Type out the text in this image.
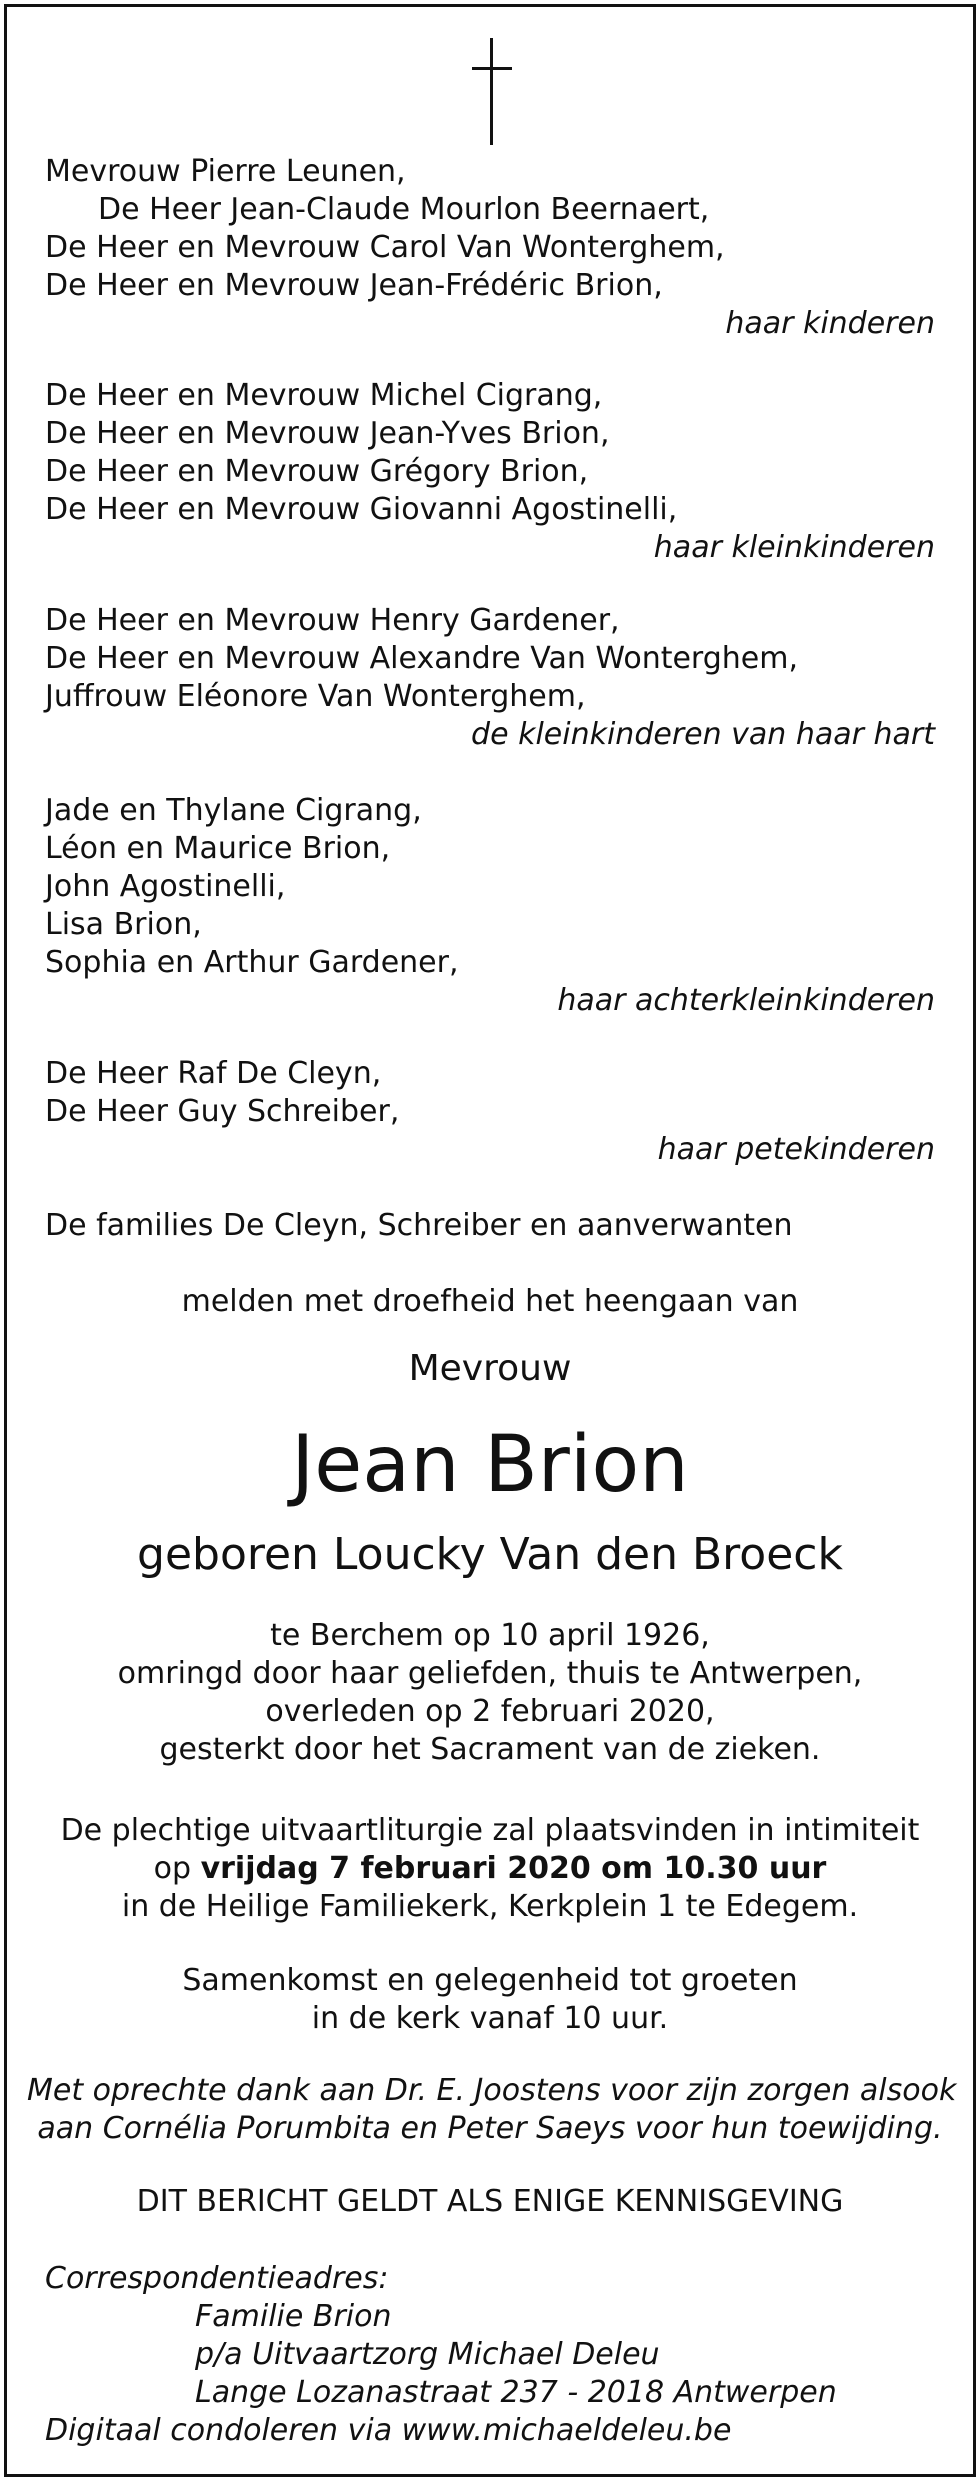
Mevrouw Pierre Leunen,
De Heer Jean-Claude Mourlon Beernaert,
De Heer en Mevrouw Carol Van Wonterghem,
De Heer en Mevrouw Jean-Frédéric Brion,
haar kinderen
De Heer en Mevrouw Michel Cigrang,
De Heer en Mevrouw Jean-Yves Brion,
De Heer en Mevrouw Grégory Brion,
De Heer en Mevrouw Giovanni Agostinelli,
haar kleinkinderen
De Heer en Mevrouw Henry Gardener,
De Heer en Mevrouw Alexandre Van Wonterghem,
Juffrouw Eléonore Van Wonterghem,
de kleinkinderen van haar hart
Jade en Thylane Cigrang,
Léon en Maurice Brion,
John Agostinelli,
Lisa Brion,
Sophia en Arthur Gardener,
haar achterkleinkinderen
De Heer Raf De Cleyn,
De Heer Guy Schreiber,
haar petekinderen
De families De Cleyn, Schreiber en aanverwanten
melden met droefheid het heengaan van
Mevrouw
Jean Brion
geboren Loucky Van den Broeck
te Berchem op 10 april 1926,
omringd door haar geliefden, thuis te Antwerpen,
overleden op 2 februari 2020,
gesterkt door het Sacrament van de zieken.
De plechtige uitvaartliturgie zal plaatsvinden in intimiteit
op vrijdag 7 februari 2020 om 10.30 uur
in de Heilige Familiekerk, Kerkplein 1 te Edegem.
Samenkomst en gelegenheid tot groeten
in de kerk vanaf 10 uur.
Met oprechte dank aan Dr. E. Joostens voor zijn zorgen alsook
aan Cornélia Porumbita en Peter Saeys voor hun toewijding.
DIT BERICHT GELDT ALS ENIGE KENNISGEVING
Correspondentieadres:
Familie Brion
p/a Uitvaartzorg Michael Deleu
Lange Lozanastraat 237 - 2018 Antwerpen
Digitaal condoleren via www.michaeldeleu.be
